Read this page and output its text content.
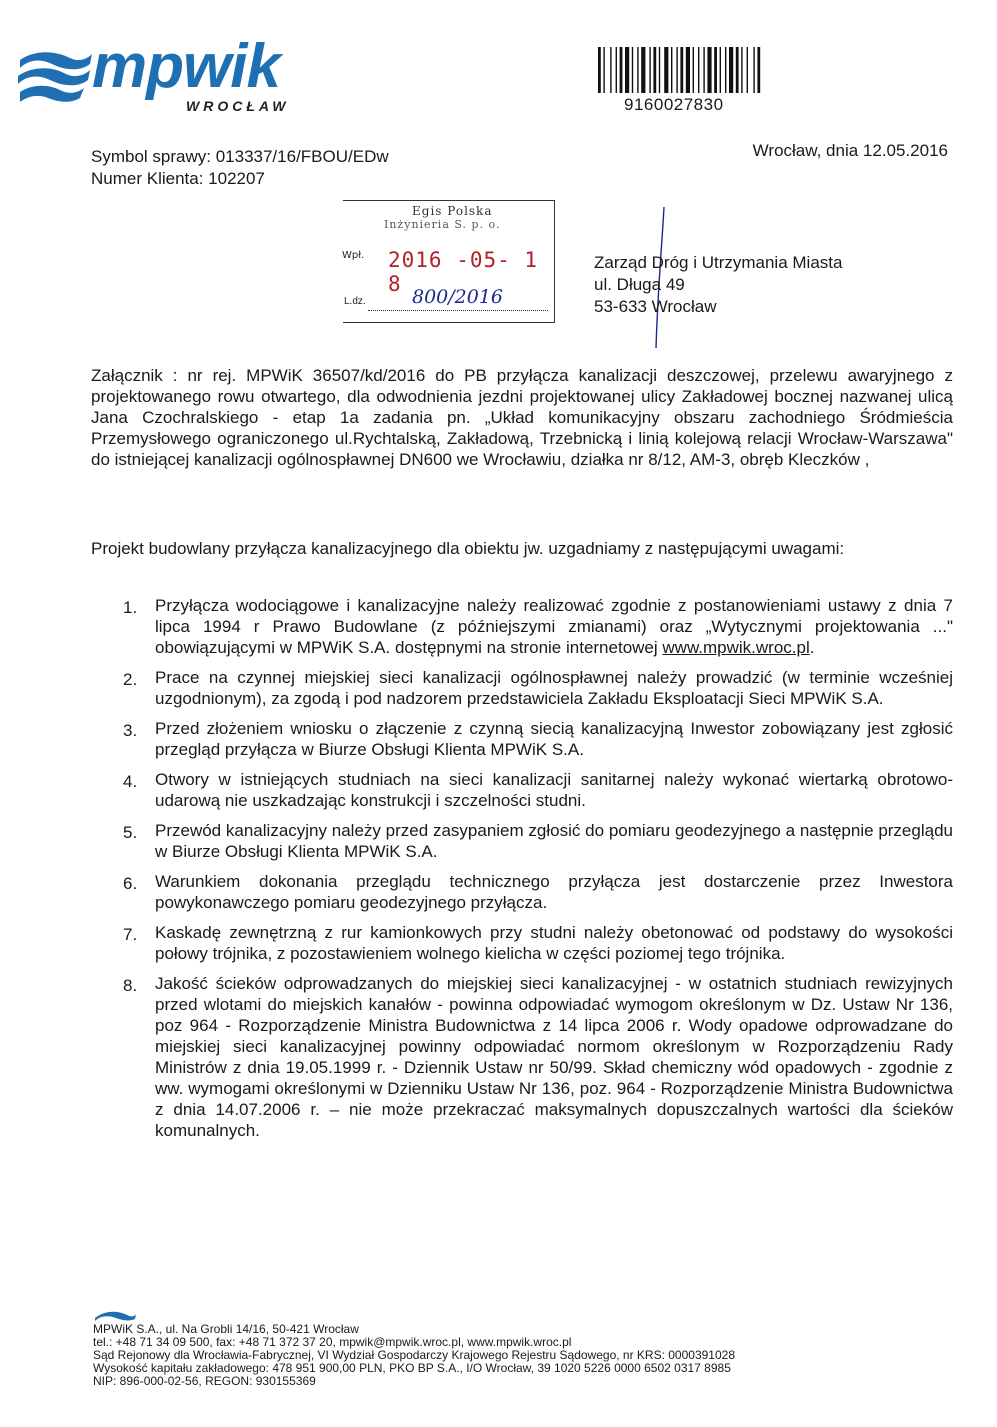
mpwik
WROCŁAW	9160027830
Symbol sprawy: 013337/16/FBOU/EDw
Numer Klienta: 102207
Wrocław, dnia 12.05.2016
Egis Polska
Inżynieria S. p. o.
Wpł. 2016 -05- 1 8
L.dz. 800/2016
Zarząd Dróg i Utrzymania Miasta
ul. Długa 49
53-633 Wrocław
Załącznik : nr rej. MPWiK 36507/kd/2016 do PB przyłącza kanalizacji deszczowej, przelewu awaryjnego z projektowanego rowu otwartego, dla odwodnienia jezdni projektowanej ulicy Zakładowej bocznej nazwanej ulicą Jana Czochralskiego - etap 1a zadania pn. „Układ komunikacyjny obszaru zachodniego Śródmieścia Przemysłowego ograniczonego ul.Rychtalską, Zakładową, Trzebnicką i linią kolejową relacji Wrocław-Warszawa" do istniejącej kanalizacji ogólnospławnej DN600 we Wrocławiu, działka nr 8/12, AM-3, obręb Kleczków ,
Projekt budowlany przyłącza kanalizacyjnego dla obiektu jw. uzgadniamy z następującymi uwagami:
1. Przyłącza wodociągowe i kanalizacyjne należy realizować zgodnie z postanowieniami ustawy z dnia 7 lipca 1994 r Prawo Budowlane (z późniejszymi zmianami) oraz „Wytycznymi projektowania ..." obowiązującymi w MPWiK S.A. dostępnymi na stronie internetowej www.mpwik.wroc.pl.
2. Prace na czynnej miejskiej sieci kanalizacji ogólnospławnej należy prowadzić (w terminie wcześniej uzgodnionym), za zgodą i pod nadzorem przedstawiciela Zakładu Eksploatacji Sieci MPWiK S.A.
3. Przed złożeniem wniosku o złączenie z czynną siecią kanalizacyjną Inwestor zobowiązany jest zgłosić przegląd przyłącza w Biurze Obsługi Klienta MPWiK S.A.
4. Otwory w istniejących studniach na sieci kanalizacji sanitarnej należy wykonać wiertarką obrotowo-udarową nie uszkadzając konstrukcji i szczelności studni.
5. Przewód kanalizacyjny należy przed zasypaniem zgłosić do pomiaru geodezyjnego a następnie przeglądu w Biurze Obsługi Klienta MPWiK S.A.
6. Warunkiem dokonania przeglądu technicznego przyłącza jest dostarczenie przez Inwestora powykonawczego pomiaru geodezyjnego przyłącza.
7. Kaskadę zewnętrzną z rur kamionkowych przy studni należy obetonować od podstawy do wysokości połowy trójnika, z pozostawieniem wolnego kielicha w części poziomej tego trójnika.
8. Jakość ścieków odprowadzanych do miejskiej sieci kanalizacyjnej - w ostatnich studniach rewizyjnych przed wlotami do miejskich kanałów - powinna odpowiadać wymogom określonym w Dz. Ustaw Nr 136, poz 964 - Rozporządzenie Ministra Budownictwa z 14 lipca 2006 r. Wody opadowe odprowadzane do miejskiej sieci kanalizacyjnej powinny odpowiadać normom określonym w Rozporządzeniu Rady Ministrów z dnia 19.05.1999 r. - Dziennik Ustaw nr 50/99. Skład chemiczny wód opadowych - zgodnie z ww. wymogami określonymi w Dzienniku Ustaw Nr 136, poz. 964 - Rozporządzenie Ministra Budownictwa z dnia 14.07.2006 r. – nie może przekraczać maksymalnych dopuszczalnych wartości dla ścieków komunalnych.
MPWiK S.A., ul. Na Grobli 14/16, 50-421 Wrocław
tel.: +48 71 34 09 500, fax: +48 71 372 37 20, mpwik@mpwik.wroc.pl, www.mpwik.wroc.pl
Sąd Rejonowy dla Wrocławia-Fabrycznej, VI Wydział Gospodarczy Krajowego Rejestru Sądowego, nr KRS: 0000391028
Wysokość kapitału zakładowego: 478 951 900,00 PLN, PKO BP S.A., I/O Wrocław, 39 1020 5226 0000 6502 0317 8985
NIP: 896-000-02-56, REGON: 930155369
